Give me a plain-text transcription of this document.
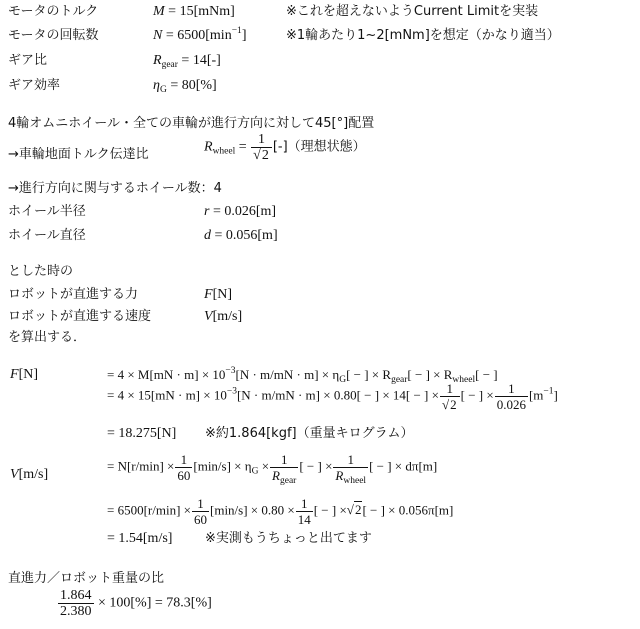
モータのトルク	M = 15[mNm]	※これを超えないようCurrent Limitを実装
モータの回転数	$N = 6500[\min^{-1}]$	※1輪あたり1~2[mNm]を想定（かなり適当）
ギア比	$R_{gear} = 14[-]$
ギア効率	$\eta_G = 80[\%]$
4輪オムニホイール・全ての車輪が進行方向に対して45[°]配置
→車輪地面トルク伝達比	$R_{wheel} = \frac{1}{√2}$ [-]（理想状態）
→進行方向に関与するホイール数：4
ホイール半径	r = 0.026[m]
ホイール直径	d = 0.056[m]
とした時の
ロボットが直進する力	F[N]
ロボットが直進する速度	V[m/s]
を算出する．
F[N]	= $4 \times M[mN \cdot m] \times 10^{-3}[N \cdot m/mN \cdot m] \times \eta_G$[ − ] × $R_{gear}$[ − ] × $R_{wheel}$[ − ]
= $4 \times 15[mN \cdot m] \times 10^{-3}[N \cdot m/mN \cdot m] \times 0.80$[ − ] × 14[ − ] × $\frac{1}{√2}$ [ − ] × $\frac{1}{0.026} [m^{-1}]$
= 18.275[N] ※約1.864[kgf]（重量キログラム）
V[m/s]
= $N[r/\min] \times \frac{1}{60} [\min/s] \times \eta_G \times \frac{1}{R_{gear}}$ [ − ] × $\frac{1}{R_{wheel}}$ [ − ] × dπ[m]
= $6500[r/\min] \times \frac{1}{60} [\min/s] \times 0.80 \times \frac{1}{14}$ [ − ] ×√2[ − ] × 0.056π[m]
= 1.54[m/s]	※実測もうちょっと出てます
直進力／ロボット重量の比
$\frac{1.864}{2.380} \times 100[\%] = 78.3[\%]$
